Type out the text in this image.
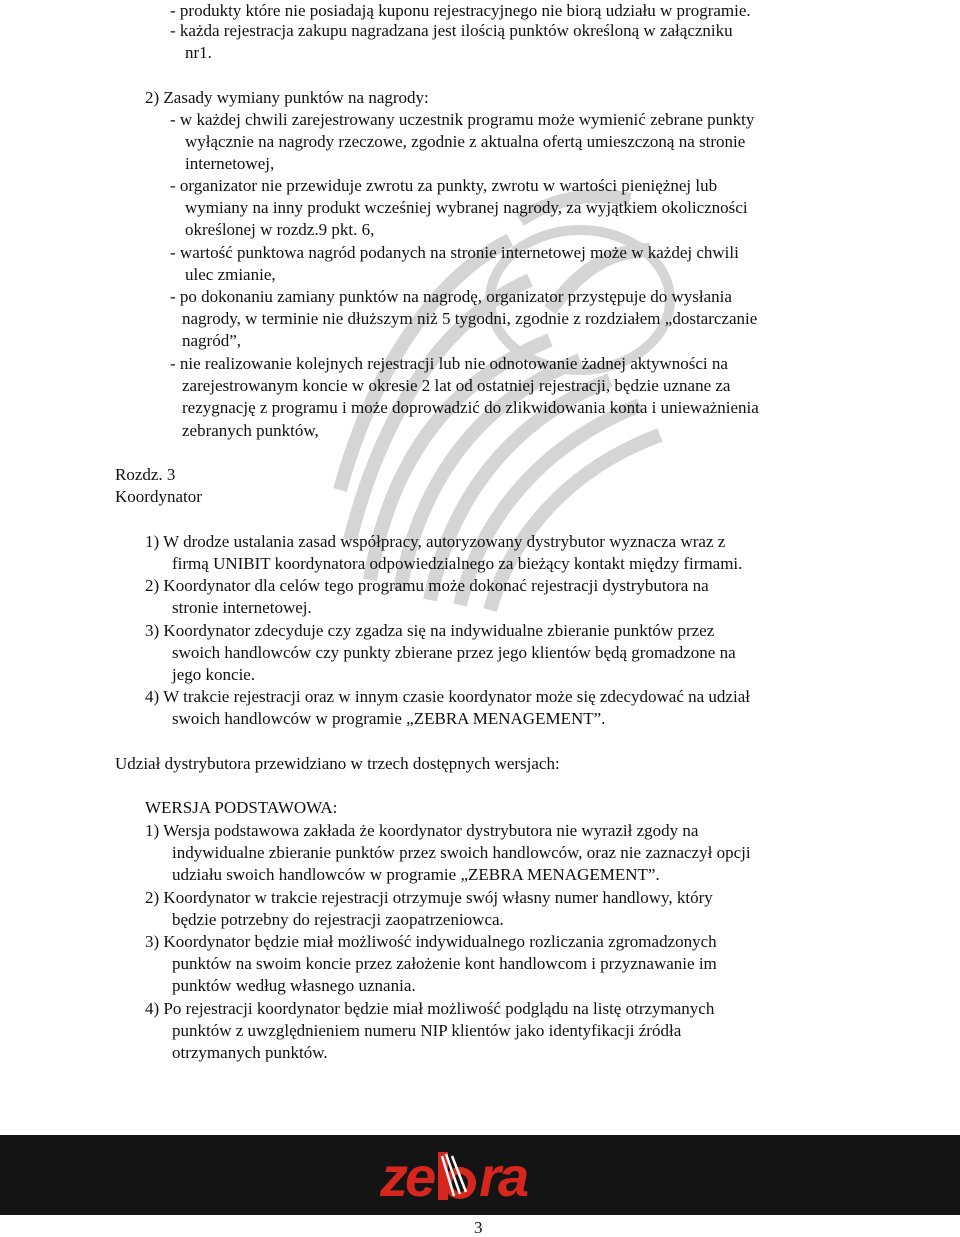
- produkty które nie posiadają kuponu rejestracyjnego nie biorą udziału w programie.
- każda rejestracja zakupu nagradzana jest ilością punktów określoną w załączniku
nr1.
2) Zasady wymiany punktów na nagrody:
- w każdej chwili zarejestrowany uczestnik programu może wymienić zebrane punkty
wyłącznie na nagrody rzeczowe, zgodnie z aktualna ofertą umieszczoną na stronie
internetowej,
- organizator nie przewiduje zwrotu za punkty, zwrotu w wartości pieniężnej lub
wymiany na inny produkt wcześniej wybranej nagrody, za wyjątkiem okoliczności
określonej w rozdz.9 pkt. 6,
- wartość punktowa nagród podanych na stronie internetowej może w każdej chwili
ulec zmianie,
- po dokonaniu zamiany punktów na nagrodę, organizator przystępuje do wysłania
nagrody, w terminie nie dłuższym niż 5 tygodni, zgodnie z rozdziałem „dostarczanie
nagród”,
- nie realizowanie kolejnych rejestracji lub nie odnotowanie żadnej aktywności na
zarejestrowanym koncie w okresie 2 lat od ostatniej rejestracji, będzie uznane za
rezygnację z programu i może doprowadzić do zlikwidowania konta i unieważnienia
zebranych punktów,
Rozdz. 3
Koordynator
1) W drodze ustalania zasad współpracy, autoryzowany dystrybutor wyznacza wraz z
firmą UNIBIT koordynatora odpowiedzialnego za bieżący kontakt między firmami.
2) Koordynator dla celów tego programu może dokonać rejestracji dystrybutora na
stronie internetowej.
3) Koordynator zdecyduje czy zgadza się na indywidualne zbieranie punktów przez
swoich handlowców czy punkty zbierane przez jego klientów będą gromadzone na
jego koncie.
4) W trakcie rejestracji oraz w innym czasie koordynator może się zdecydować na udział
swoich handlowców w programie „ZEBRA MENAGEMENT”.
Udział dystrybutora przewidziano w trzech dostępnych wersjach:
WERSJA PODSTAWOWA:
1) Wersja podstawowa zakłada że koordynator dystrybutora nie wyraził zgody na
indywidualne zbieranie punktów przez swoich handlowców, oraz nie zaznaczył opcji
udziału swoich handlowców w programie „ZEBRA MENAGEMENT”.
2) Koordynator w trakcie rejestracji otrzymuje swój własny numer handlowy, który
będzie potrzebny do rejestracji zaopatrzeniowca.
3) Koordynator będzie miał możliwość indywidualnego rozliczania zgromadzonych
punktów na swoim koncie przez założenie kont handlowcom i przyznawanie im
punktów według własnego uznania.
4) Po rejestracji koordynator będzie miał możliwość podglądu na listę otrzymanych
punktów z uwzględnieniem numeru NIP klientów jako identyfikacji źródła
otrzymanych punktów.
ze ra
3
